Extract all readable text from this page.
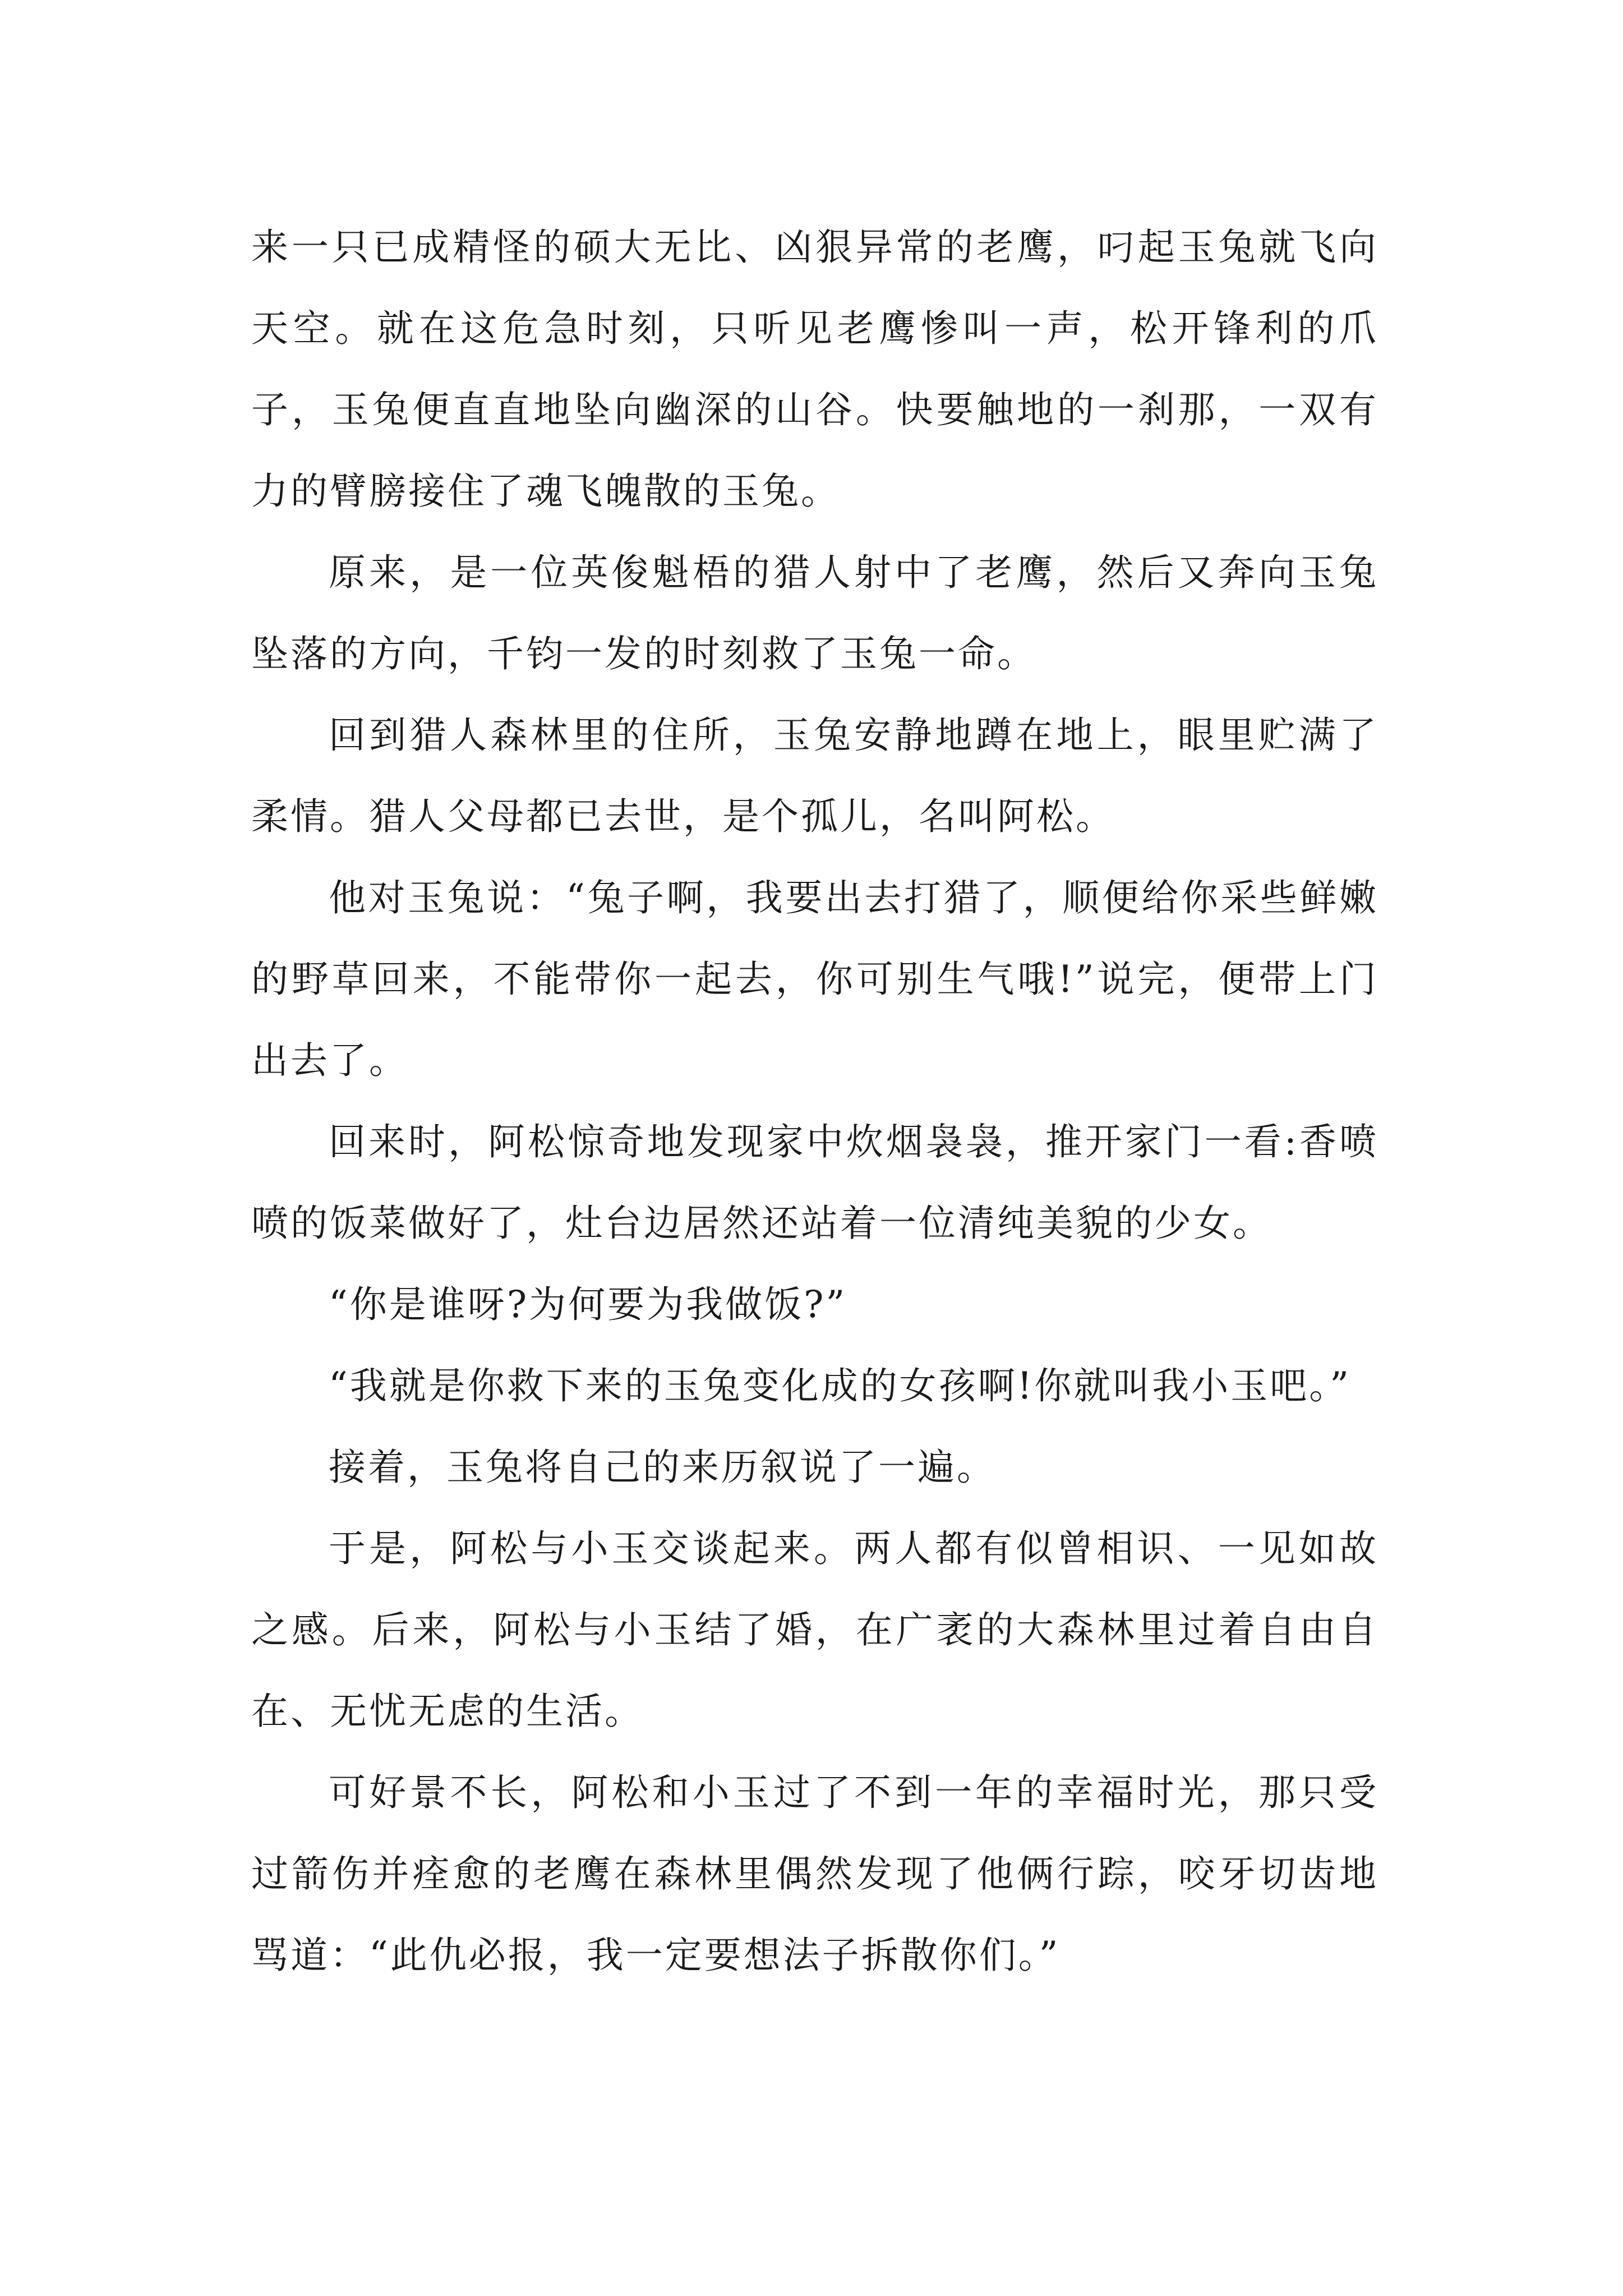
来一只已成精怪的硕大无比、凶狠异常的老鹰，叼起玉兔就飞向天空。就在这危急时刻，只听见老鹰惨叫一声，松开锋利的爪子，玉兔便直直地坠向幽深的山谷。快要触地的一刹那，一双有力的臂膀接住了魂飞魄散的玉兔。

原来，是一位英俊魁梧的猎人射中了老鹰，然后又奔向玉兔坠落的方向，千钧一发的时刻救了玉兔一命。

回到猎人森林里的住所，玉兔安静地蹲在地上，眼里贮满了柔情。猎人父母都已去世，是个孤儿，名叫阿松。

他对玉兔说：“兔子啊，我要出去打猎了，顺便给你采些鲜嫩的野草回来，不能带你一起去，你可别生气哦!”说完，便带上门出去了。

回来时，阿松惊奇地发现家中炊烟袅袅，推开家门一看:香喷喷的饭菜做好了，灶台边居然还站着一位清纯美貌的少女。

“你是谁呀?为何要为我做饭?”

“我就是你救下来的玉兔变化成的女孩啊!你就叫我小玉吧。”

接着，玉兔将自己的来历叙说了一遍。

于是，阿松与小玉交谈起来。两人都有似曾相识、一见如故之感。后来，阿松与小玉结了婚，在广袤的大森林里过着自由自在、无忧无虑的生活。

可好景不长，阿松和小玉过了不到一年的幸福时光，那只受过箭伤并痊愈的老鹰在森林里偶然发现了他俩行踪，咬牙切齿地骂道：“此仇必报，我一定要想法子拆散你们。”
